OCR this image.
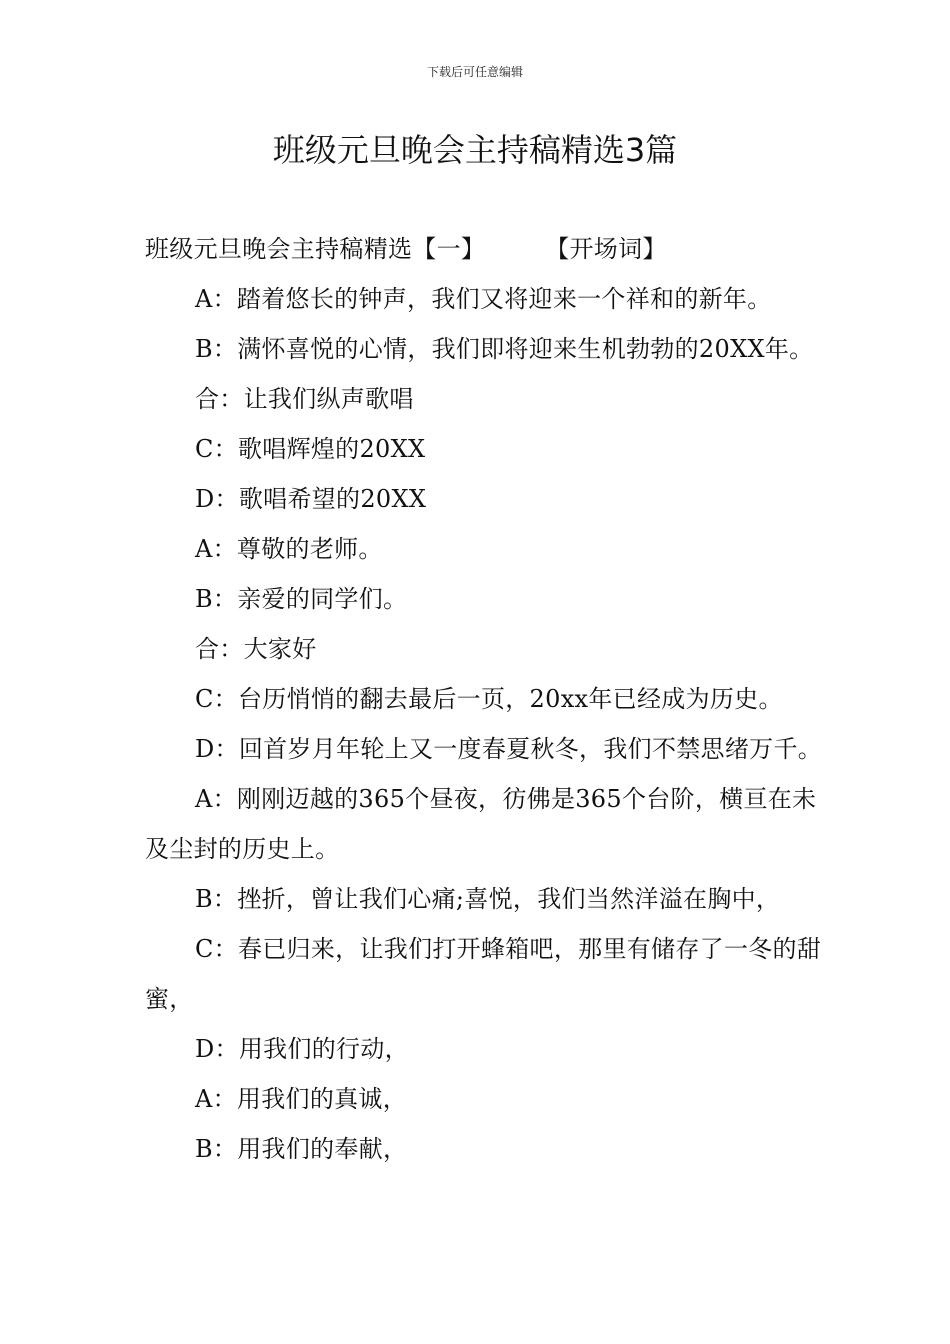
下载后可任意编辑
班级元旦晚会主持稿精选3篇

班级元旦晚会主持稿精选【一】	【开场词】

A：踏着悠长的钟声，我们又将迎来一个祥和的新年。

B：满怀喜悦的心情，我们即将迎来生机勃勃的20XX年。

合：让我们纵声歌唱

C：歌唱辉煌的20XX

D：歌唱希望的20XX

A：尊敬的老师。

B：亲爱的同学们。

合：大家好

C：台历悄悄的翻去最后一页，20xx年已经成为历史。

D：回首岁月年轮上又一度春夏秋冬，我们不禁思绪万千。

A：刚刚迈越的365个昼夜，彷佛是365个台阶，横亘在未及尘封的历史上。

B：挫折，曾让我们心痛;喜悦，我们当然洋溢在胸中，

C：春已归来，让我们打开蜂箱吧，那里有储存了一冬的甜蜜，

D：用我们的行动，

A：用我们的真诚，

B：用我们的奉献，
